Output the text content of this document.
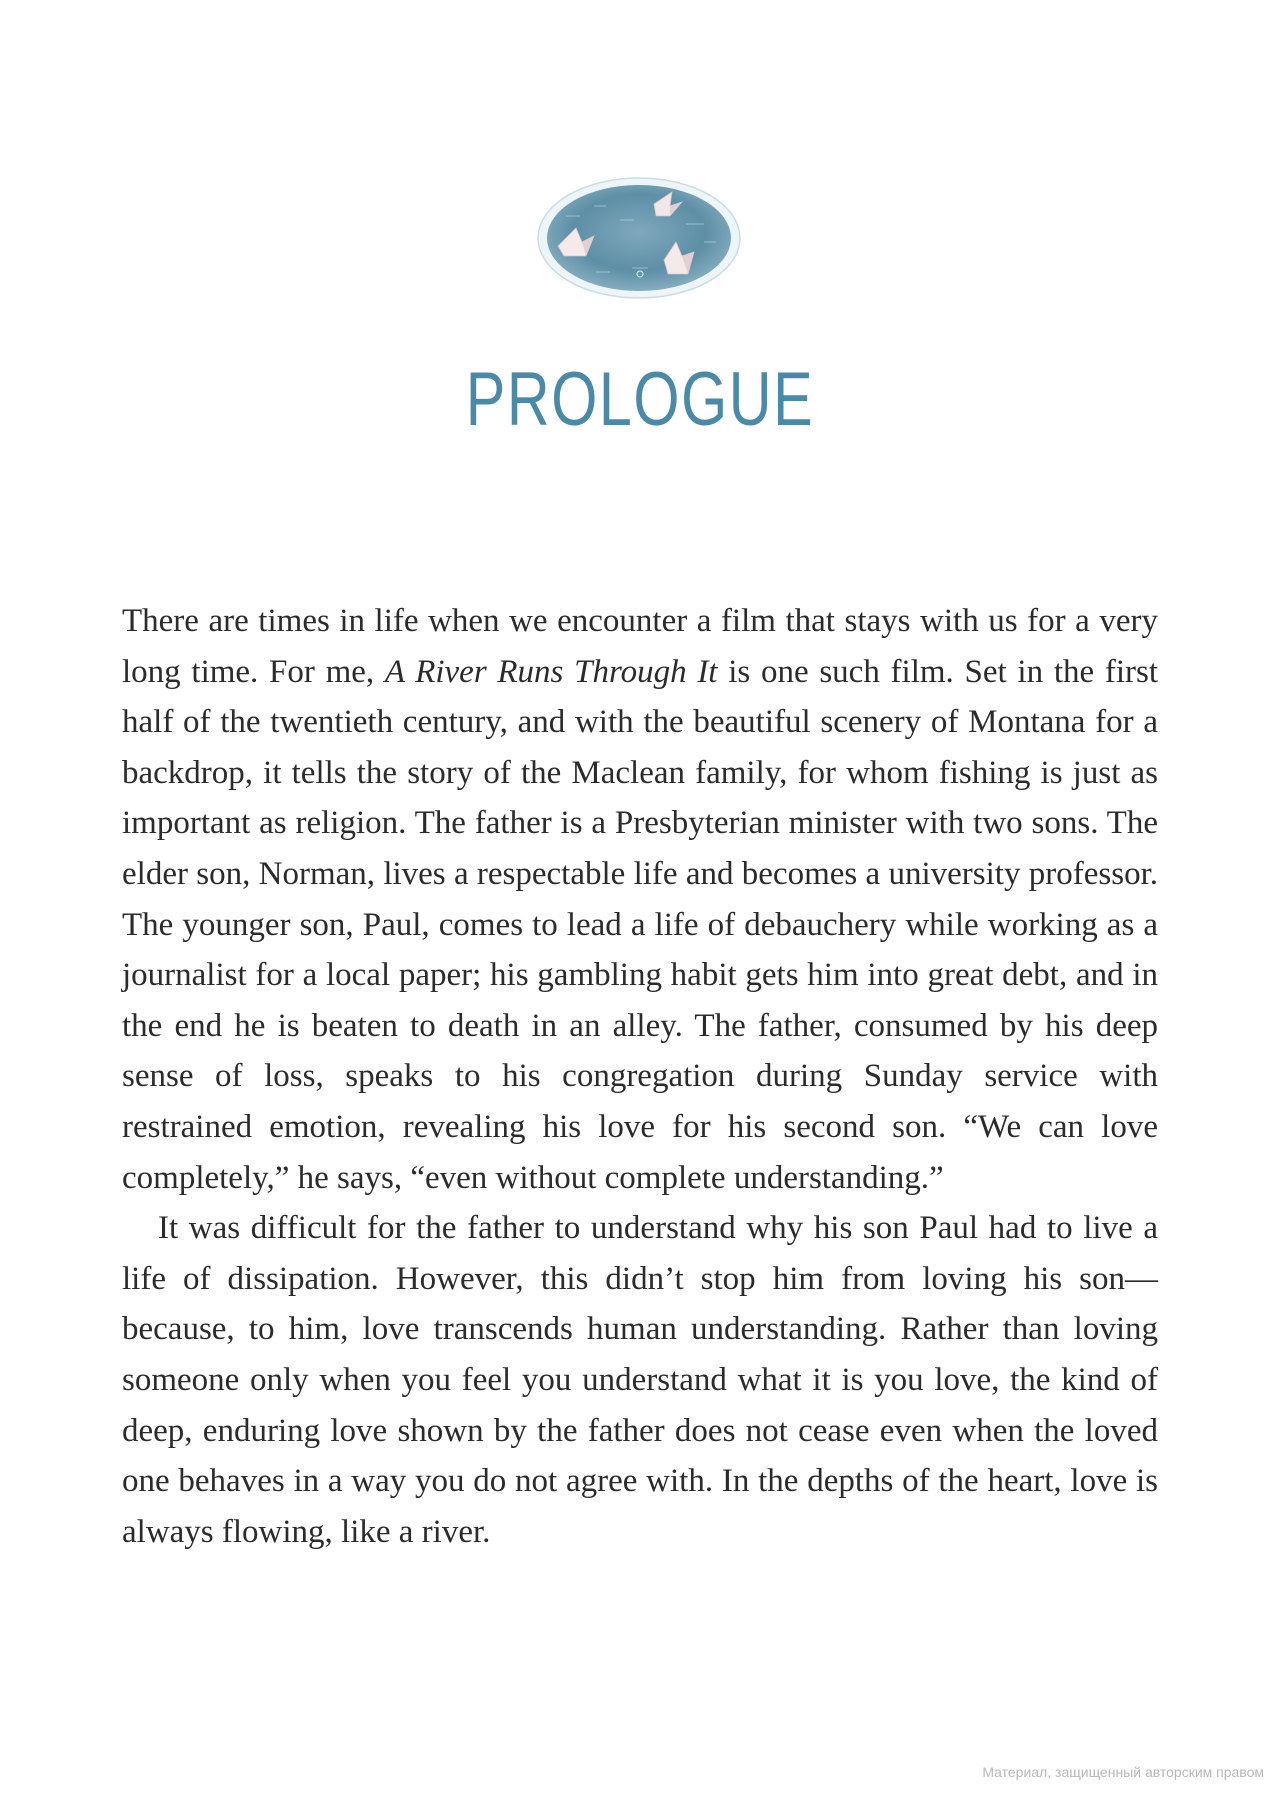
PROLOGUE

There are times in life when we encounter a film that stays with us for a very long time. For me, A River Runs Through It is one such film. Set in the first half of the twentieth century, and with the beautiful scenery of Montana for a backdrop, it tells the story of the Maclean family, for whom fishing is just as important as religion. The father is a Presbyterian minister with two sons. The elder son, Norman, lives a respectable life and becomes a university professor. The younger son, Paul, comes to lead a life of debauchery while working as a journalist for a local paper; his gambling habit gets him into great debt, and in the end he is beaten to death in an alley. The father, consumed by his deep sense of loss, speaks to his congregation during Sunday service with restrained emotion, revealing his love for his second son. “We can love completely,” he says, “even without complete understanding.”

It was difficult for the father to understand why his son Paul had to live a life of dissipation. However, this didn’t stop him from loving his son—because, to him, love transcends human understanding. Rather than loving someone only when you feel you understand what it is you love, the kind of deep, enduring love shown by the father does not cease even when the loved one behaves in a way you do not agree with. In the depths of the heart, love is always flowing, like a river.

Материал, защищенный авторским правом
